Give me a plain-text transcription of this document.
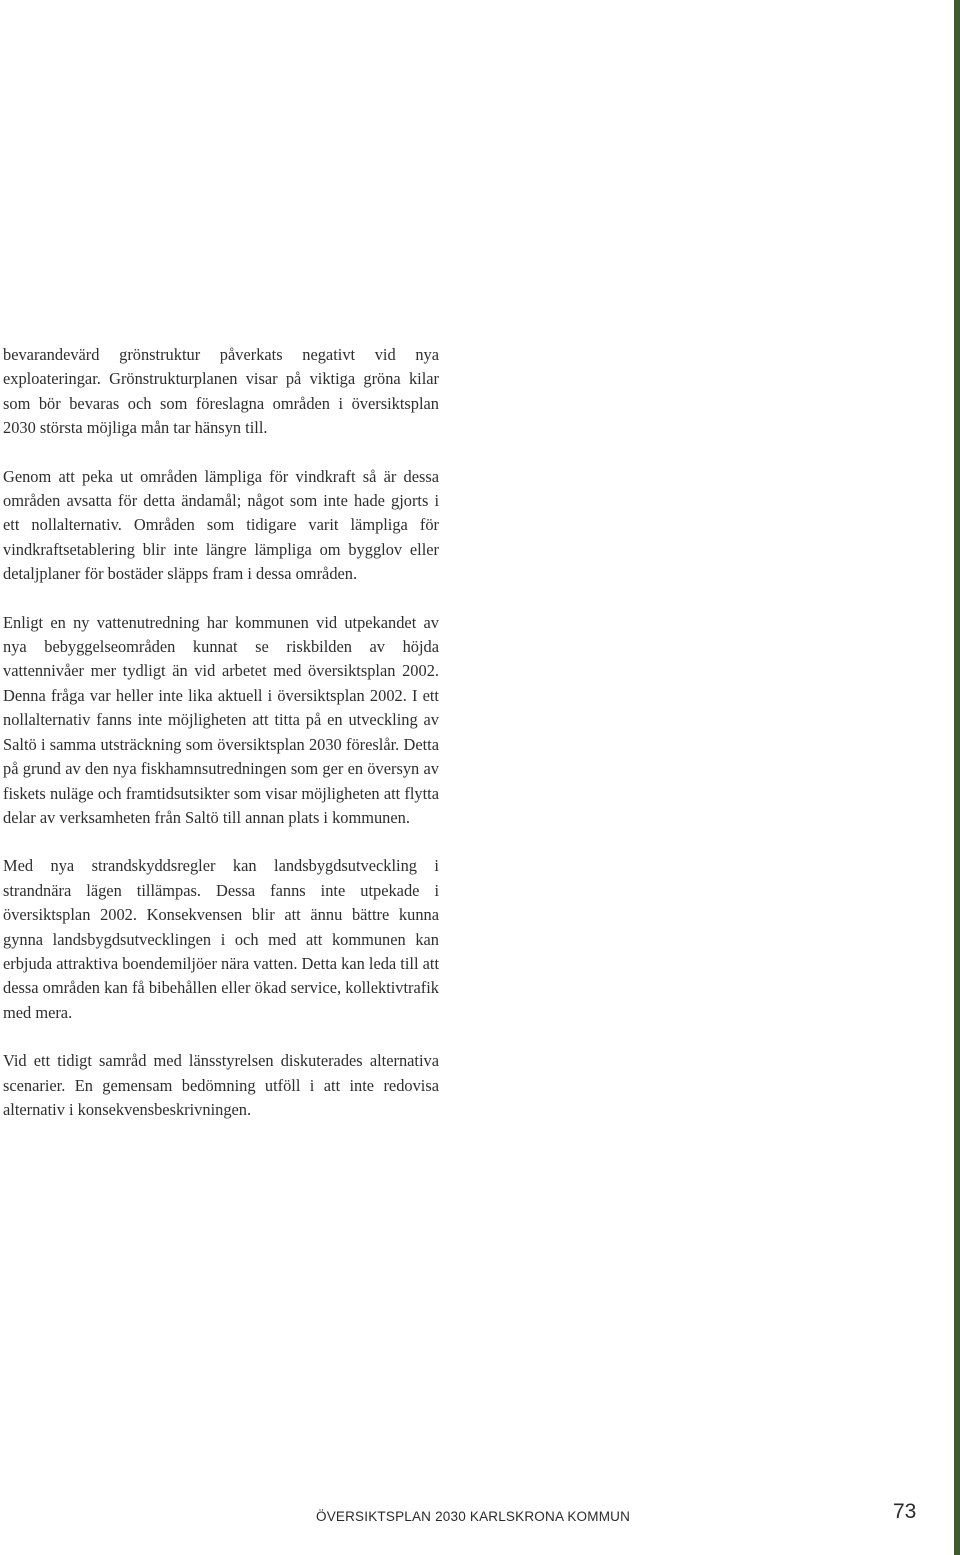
bevarandevärd grönstruktur påverkats negativt vid nya exploateringar. Grönstrukturplanen visar på viktiga gröna kilar som bör bevaras och som föreslagna områden i översiktsplan 2030 största möjliga mån tar hänsyn till.

Genom att peka ut områden lämpliga för vindkraft så är dessa områden avsatta för detta ändamål; något som inte hade gjorts i ett nollalternativ. Områden som tidigare varit lämpliga för vindkraftsetablering blir inte längre lämpliga om bygglov eller detaljplaner för bostäder släpps fram i dessa områden.

Enligt en ny vattenutredning har kommunen vid utpekandet av nya bebyggelseområden kunnat se riskbilden av höjda vattennivåer mer tydligt än vid arbetet med översiktsplan 2002. Denna fråga var heller inte lika aktuell i översiktsplan 2002. I ett nollalternativ fanns inte möjligheten att titta på en utveckling av Saltö i samma utsträckning som översiktsplan 2030 föreslår. Detta på grund av den nya fiskhamnsutredningen som ger en översyn av fiskets nuläge och framtidsutsikter som visar möjligheten att flytta delar av verksamheten från Saltö till annan plats i kommunen.

Med nya strandskyddsregler kan landsbygdsutveckling i strandnära lägen tillämpas. Dessa fanns inte utpekade i översiktsplan 2002. Konsekvensen blir att ännu bättre kunna gynna landsbygdsutvecklingen i och med att kommunen kan erbjuda attraktiva boendemiljöer nära vatten. Detta kan leda till att dessa områden kan få bibehållen eller ökad service, kollektivtrafik med mera.

Vid ett tidigt samråd med länsstyrelsen diskuterades alternativa scenarier. En gemensam bedömning utföll i att inte redovisa alternativ i konsekvensbeskrivningen.

ÖVERSIKTSPLAN 2030 KARLSKRONA KOMMUN	73
